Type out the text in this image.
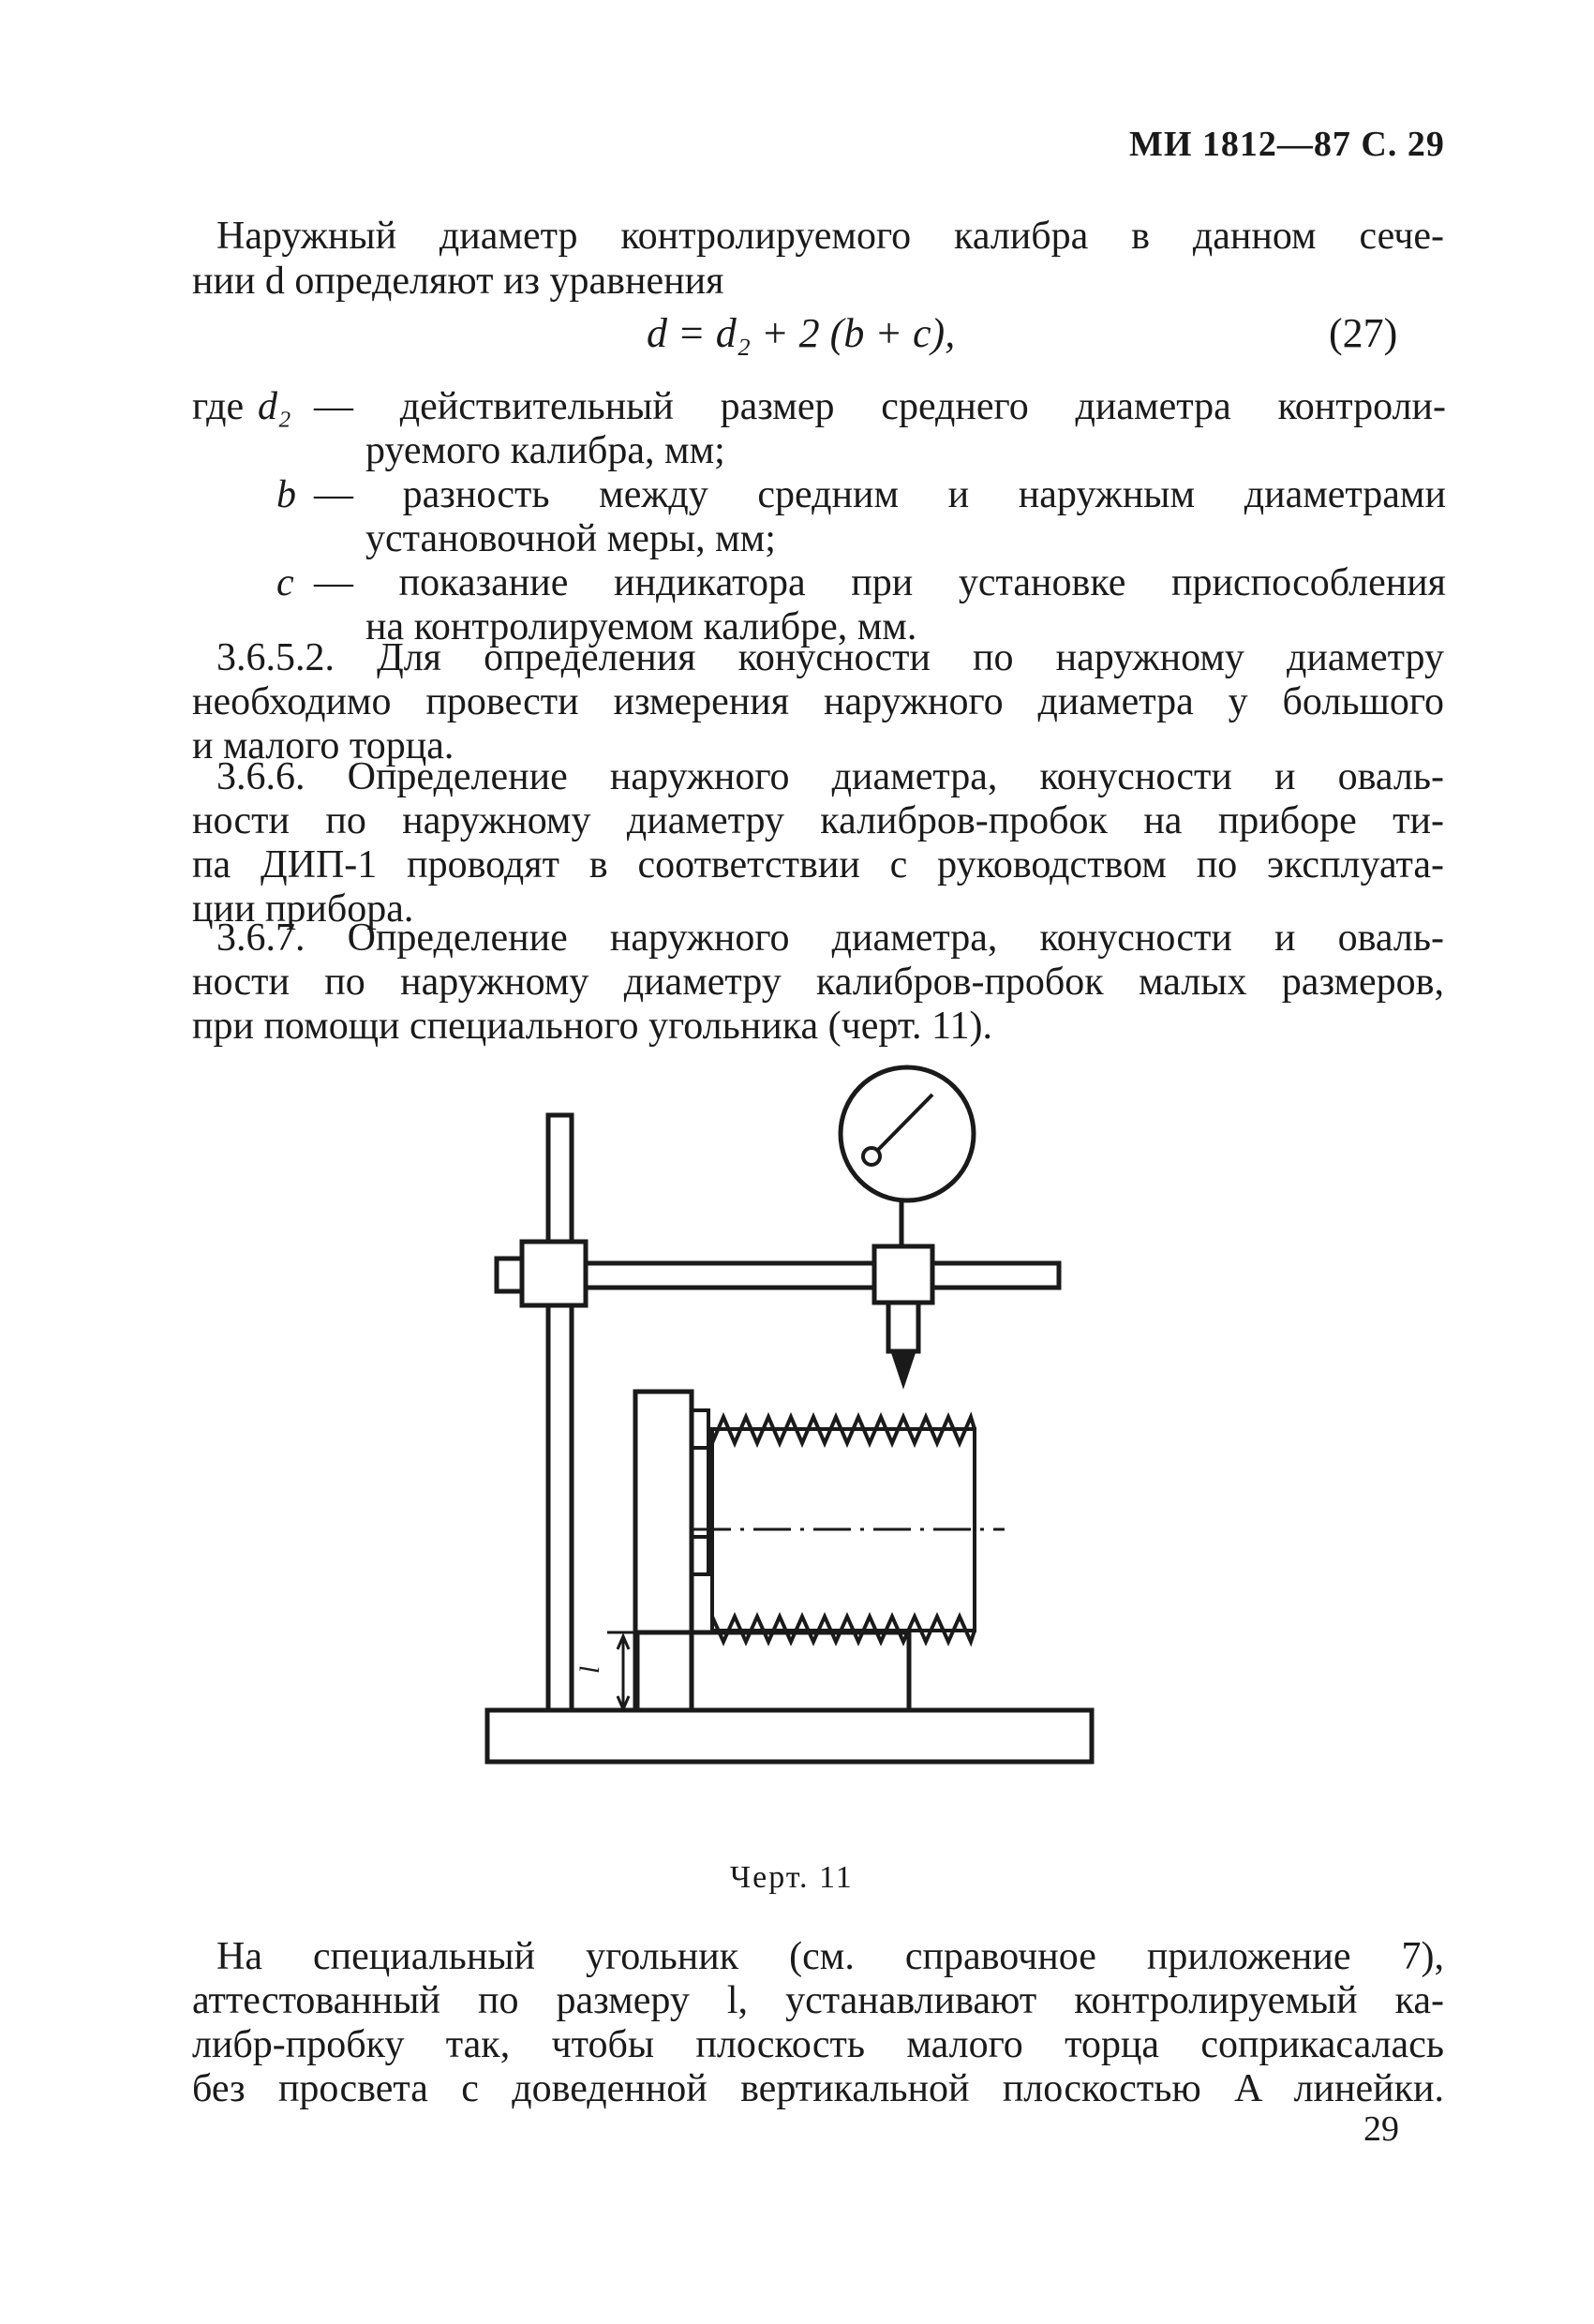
МИ 1812—87 С. 29
Наружный диаметр контролируемого калибра в данном сече-
нии d определяют из уравнения
d = d₂ + 2 (b + c),	(27)
где d₂ — действительный размер среднего диаметра контроли-
руемого калибра, мм;
b — разность между средним и наружным диаметрами
установочной меры, мм;
c — показание индикатора при установке приспособления
на контролируемом калибре, мм.
3.6.5.2. Для определения конусности по наружному диаметру
необходимо провести измерения наружного диаметра у большого
и малого торца.
3.6.6. Определение наружного диаметра, конусности и оваль-
ности по наружному диаметру калибров-пробок на приборе ти-
па ДИП-1 проводят в соответствии с руководством по эксплуата-
ции прибора.
3.6.7. Определение наружного диаметра, конусности и оваль-
ности по наружному диаметру калибров-пробок малых размеров,
при помощи специального угольника (черт. 11).
l
Черт. 11
На специальный угольник (см. справочное приложение 7),
аттестованный по размеру l, устанавливают контролируемый ка-
либр-пробку так, чтобы плоскость малого торца соприкасалась
без просвета с доведенной вертикальной плоскостью A линейки.
29
